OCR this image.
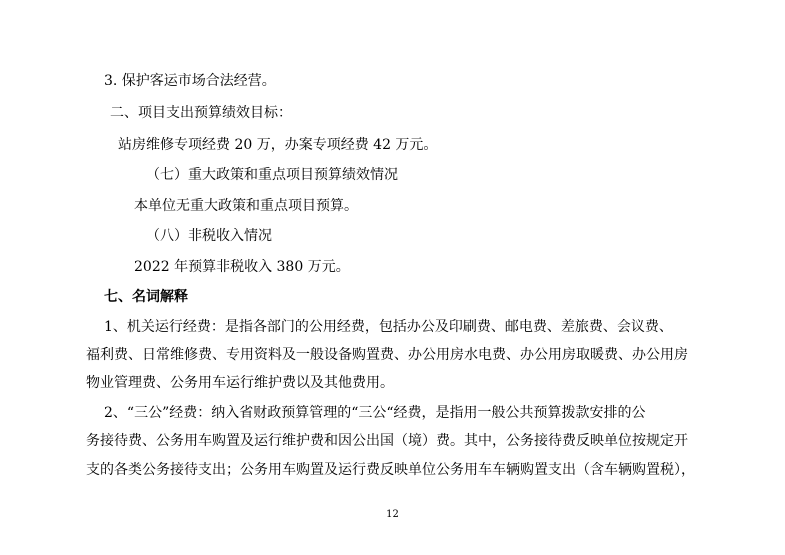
3. 保护客运市场合法经营。
二、项目支出预算绩效目标：
站房维修专项经费 20 万，办案专项经费 42 万元。
（七）重大政策和重点项目预算绩效情况
本单位无重大政策和重点项目预算。
（八）非税收入情况
2022 年预算非税收入 380 万元。
七、名词解释
1、机关运行经费：是指各部门的公用经费，包括办公及印刷费、邮电费、差旅费、会议费、
福利费、日常维修费、专用资料及一般设备购置费、办公用房水电费、办公用房取暖费、办公用房
物业管理费、公务用车运行维护费以及其他费用。
2、“三公”经费：纳入省财政预算管理的“三公“经费，是指用一般公共预算拨款安排的公
务接待费、公务用车购置及运行维护费和因公出国（境）费。其中，公务接待费反映单位按规定开
支的各类公务接待支出；公务用车购置及运行费反映单位公务用车车辆购置支出（含车辆购置税），
12
